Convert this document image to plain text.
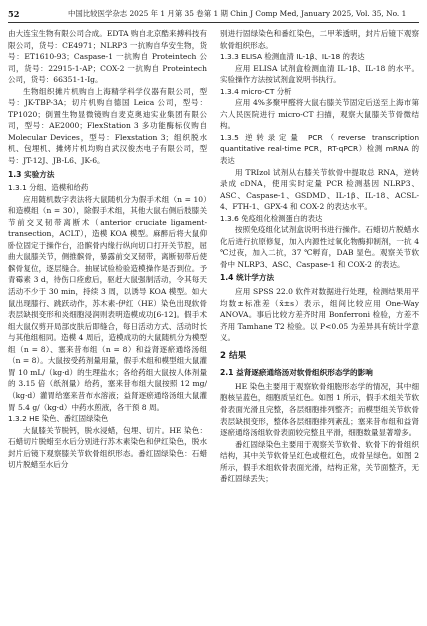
52	中国比较医学杂志 2025 年 1 月第 35 卷第 1 期 Chin J Comp Med, January 2025, Vol. 35, No. 1

由大连宝生物有限公司合成。EDTA 购自北京酷来搏科技有限公司，货号：CE4971；NLRP3 一抗购自华安生物，货号：ET1610-93；Caspase-1 一抗购自 Proteintech 公司，货号：22915-1-AP；COX-2 一抗购自 Proteintech 公司，货号：66351-1-Ig。

生物组织摊片机购自上海精学科学仪器有限公司，型号：JK-TBP-3A；切片机购自德国 Leica 公司，型号：TP1020；倒置生物显微镜购自麦克奥迪实业集团有限公司，型号：AE2000；FlexStation 3 多功能酶标仪购自 Molecular Devices，型号：Flexstation 3；组织脱水机、包埋机、摊烤片机均购自武汉俊杰电子有限公司，型号：JT-12J、JB-L6、JK-6。

1.3 实验方法
1.3.1 分组、造模和给药

应用随机数字表法将大鼠随机分为假手术组（n = 10）和造模组（n = 30），除假手术组，其他大鼠右侧后肢膝关节前交叉韧带离断术（anterior cruciate ligament-transection，ACLT），造模 KOA 模型。麻醉后将大鼠仰卧位固定于操作台，沿髌骨内缘行纵向切口打开关节腔，屈曲大鼠膝关节，侧推髌骨，暴露前交叉韧带，离断韧带后使髌骨复位，逐层缝合。抽屉试验检验造模操作是否到位。予青霉素 3 d，待伤口痊愈后，驱赶大鼠强制活动，令其每天活动不少于 30 min，持续 3 周，以诱导 KOA 模型。如大鼠出现膝行、跳跃动作，苏木素-伊红（HE）染色出现软骨表层缺损变形和炎细胞浸润则表明造模成功[6-12]。假手术组大鼠仅剪开局部皮肤后即缝合，每日活动方式、活动时长与其他组相同。造模 4 周后，造模成功的大鼠随机分为模型组（n = 8）、塞来昔布组（n = 8）和益肾逐瘀通络汤组（n = 8）。大鼠按受药剂量用量，假手术组和模型组大鼠灌胃 10 mL/（kg·d）的生理盐水；各给药组大鼠按人体剂量的 3.15 倍（纸剂量）给药，塞来昔布组大鼠按照 12 mg/（kg·d）灌胃给塞来昔布水溶液；益肾逐瘀通络汤组大鼠灌胃 5.4 g/（kg·d）中药水煎液，各干预 8 周。

1.3.2 HE 染色、番红固绿染色

大鼠膝关节脱钙，脱水浸蜡，包埋、切片。HE 染色：石蜡切片脱蜡至水后分别进行苏木素染色和伊红染色，脱水封片后镜下观察膝关节软骨组织形态。番红固绿染色：石蜡切片脱蜡至水后分

别进行固绿染色和番红染色，二甲苯透明，封片后镜下观察软骨组织形态。

1.3.3 ELISA 检测血清 IL-1β、IL-18 的表达

应用 ELISA 试剂盒检测血清 IL-1β、IL-18 的水平。实验操作方法按试剂盒说明书执行。

1.3.4 micro-CT 分析

应用 4%多聚甲醛将大鼠右膝关节固定后送至上海市第六人民医院进行 micro-CT 扫描，观察大鼠膝关节骨微结构。

1.3.5 逆转录定量 PCR（reverse transcription quantitative real-time PCR，RT-qPCR）检测 mRNA 的表达

用 TRIzol 试剂从右膝关节软骨中提取总 RNA，逆转录成 cDNA，使用实时定量 PCR 检测基因 NLRP3、ASC、Caspase-1、GSDMD、IL-1β、IL-18、ACSL-4、FTH-1、GPX-4 和 COX-2 的表达水平。

1.3.6 免疫组化检测蛋白的表达

按照免疫组化试剂盒说明书进行操作。石蜡切片脱蜡水化后进行抗原修复，加入内源性过氧化物酶抑制剂，一抗 4 ℃过夜，加入二抗，37 ℃孵育，DAB 显色。观察关节软骨中 NLRP3、ASC、Caspase-1 和 COX-2 的表达。

1.4 统计学方法

应用 SPSS 22.0 软件对数据进行处理，检测结果用平均数±标准差（x̄±s）表示，组间比较应用 One-Way ANOVA。事后比较方差齐时用 Bonferroni 检验，方差不齐用 Tamhane T2 检验。以 P<0.05 为差异具有统计学意义。

2 结果
2.1 益肾逐瘀通络汤对软骨组织形态学的影响

HE 染色主要用于观察软骨细胞形态学的情况，其中细胞核呈蓝色，细胞质呈红色。如图 1 所示，假手术组关节软骨表面光滑且完整，各层细胞排列整齐；而模型组关节软骨表层缺损变形，整体各层细胞排列紊乱；塞来昔布组和益肾逐瘀通络汤组软骨表面较完整且平滑，细胞数量显著增多。

番红固绿染色主要用于观察关节软骨、软骨下的骨组织结构，其中关节软骨呈红色或橙红色，成骨呈绿色。如图 2 所示，假手术组软骨表面光滑，结构正常，关节面整齐，无番红固绿丢失；
